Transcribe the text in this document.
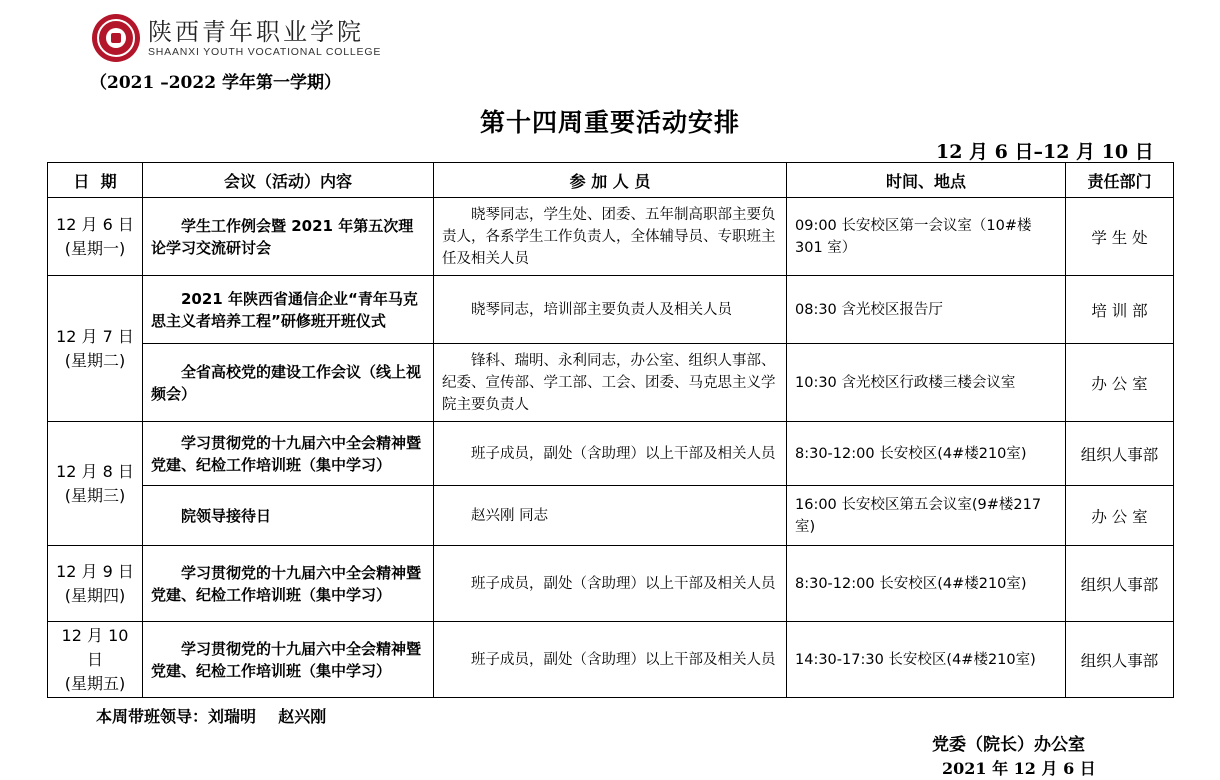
陕西青年职业学院
SHAANXI YOUTH VOCATIONAL COLLEGE
（2021 –2022 学年第一学期）
第十四周重要活动安排
12 月 6 日–12 月 10 日
日  期	会议（活动）内容	参 加 人 员	时间、地点	责任部门

12 月 6 日
(星期一)	学生工作例会暨 2021 年第五次理论学习交流研讨会	晓琴同志，学生处、团委、五年制高职部主要负责人，各系学生工作负责人，全体辅导员、专职班主任及相关人员	09:00 长安校区第一会议室（10#楼301 室）	学 生 处

12 月 7 日
(星期二)	2021 年陕西省通信企业“青年马克思主义者培养工程”研修班开班仪式	晓琴同志，培训部主要负责人及相关人员	08:30 含光校区报告厅	培 训 部
	全省高校党的建设工作会议（线上视频会）	锋科、瑞明、永利同志，办公室、组织人事部、纪委、宣传部、学工部、工会、团委、马克思主义学院主要负责人	10:30 含光校区行政楼三楼会议室	办 公 室

12 月 8 日
(星期三)	学习贯彻党的十九届六中全会精神暨党建、纪检工作培训班（集中学习）	班子成员，副处（含助理）以上干部及相关人员	8:30-12:00 长安校区(4#楼210室)	组织人事部
	院领导接待日	赵兴刚 同志	16:00 长安校区第五会议室(9#楼217 室)	办 公 室

12 月 9 日
(星期四)	学习贯彻党的十九届六中全会精神暨党建、纪检工作培训班（集中学习）	班子成员，副处（含助理）以上干部及相关人员	8:30-12:00 长安校区(4#楼210室)	组织人事部

12 月 10 日
(星期五)	学习贯彻党的十九届六中全会精神暨党建、纪检工作培训班（集中学习）	班子成员，副处（含助理）以上干部及相关人员	14:30-17:30 长安校区(4#楼210室)	组织人事部
本周带班领导：刘瑞明    赵兴刚
党委（院长）办公室
2021 年 12 月 6 日
